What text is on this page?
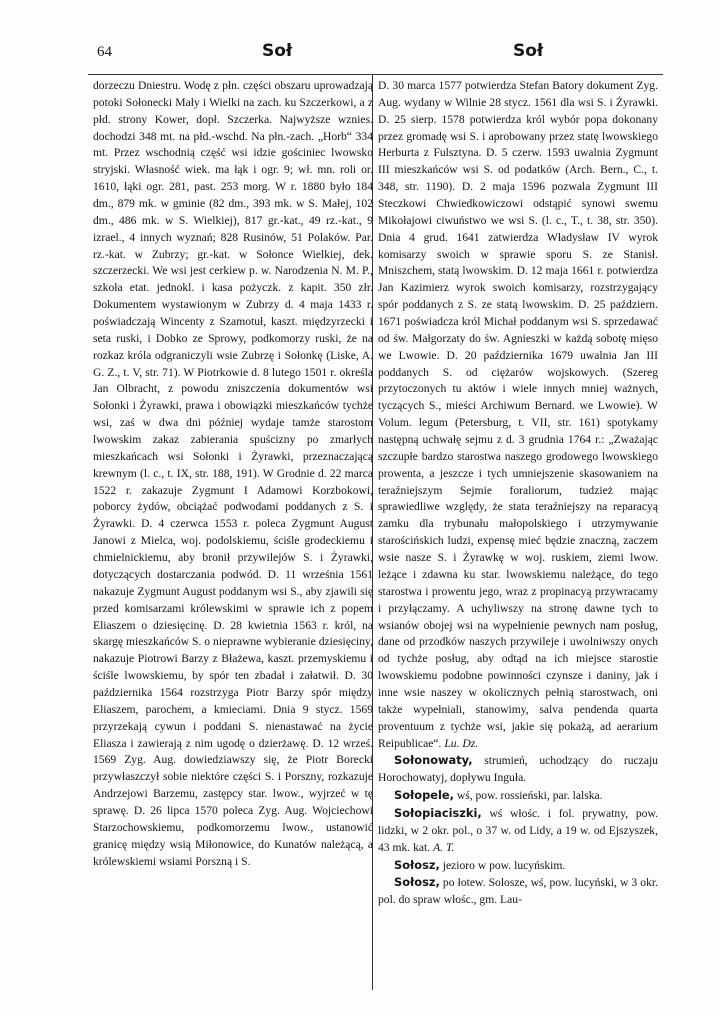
64	Soł	Soł

dorzeczu Dniestru. Wodę z płn. części obszaru uprowadzają potoki Sołonecki Mały i Wielki na zach. ku Szczerkowi, a z płd. strony Kower, dopł. Szczerka. Najwyższe wznies. dochodzi 348 mt. na płd.-wschd. Na płn.-zach. „Horb“ 334 mt. Przez wschodnią część wsi idzie gościniec lwowsko stryjski. Własność wiek. ma łąk i ogr. 9; wł. mn. roli or. 1610, łąki ogr. 281, past. 253 morg. W r. 1880 było 184 dm., 879 mk. w gminie (82 dm., 393 mk. w S. Małej, 102 dm., 486 mk. w S. Wielkiej), 817 gr.-kat., 49 rz.-kat., 9 izrael., 4 innych wyznań; 828 Rusinów, 51 Polaków. Par. rz.-kat. w Zubrzy; gr.-kat. w Sołonce Wielkiej, dek. szczerzecki. We wsi jest cerkiew p. w. Narodzenia N. M. P., szkoła etat. jednokl. i kasa pożyczk. z kapit. 350 złr. Dokumentem wystawionym w Zubrzy d. 4 maja 1433 r. poświadczają Wincenty z Szamotuł, kaszt. międzyrzecki i seta ruski, i Dobko ze Sprowy, podkomorzy ruski, że na rozkaz króla odgraniczyli wsie Zubrzę i Sołonkę (Liske, A. G. Z., t. V, str. 71). W Piotrkowie d. 8 lutego 1501 r. określa Jan Olbracht, z powodu zniszczenia dokumentów wsi Sołonki i Żyrawki, prawa i obowiązki mieszkańców tychże wsi, zaś w dwa dni później wydaje tamże starostom lwowskim zakaz zabierania spuścizny po zmarłych mieszkańcach wsi Sołonki i Żyrawki, przeznaczającą krewnym (l. c., t. IX, str. 188, 191). W Grodnie d. 22 marca 1522 r. zakazuje Zygmunt I Adamowi Korzbokowi, poborcy żydów, obciążać podwodami poddanych z S. i Żyrawki. D. 4 czerwca 1553 r. poleca Zygmunt August Janowi z Mielca, woj. podolskiemu, ściśle grodeckiemu i chmielnickiemu, aby bronił przywilejów S. i Żyrawki, dotyczących dostarczania podwód. D. 11 września 1561 nakazuje Zygmunt August poddanym wsi S., aby zjawili się przed komisarzami królewskimi w sprawie ich z popem Eliaszem o dziesięcinę. D. 28 kwietnia 1563 r. król, na skargę mieszkańców S. o nieprawne wybieranie dziesięciny, nakazuje Piotrowi Barzy z Błażewa, kaszt. przemyskiemu i ściśle lwowskiemu, by spór ten zbadał i załatwił. D. 30 października 1564 rozstrzyga Piotr Barzy spór między Eliaszem, parochem, a kmieciami. Dnia 9 stycz. 1569 przyrzekają cywun i poddani S. nienastawać na życie Eliasza i zawierają z nim ugodę o dzierżawę. D. 12 wrześ. 1569 Zyg. Aug. dowiedziawszy się, że Piotr Borecki przywłaszczył sobie niektóre części S. i Porszny, rozkazuje Andrzejowi Barzemu, zastępcy star. lwow., wyjrzeć w tę sprawę. D. 26 lipca 1570 poleca Zyg. Aug. Wojciechowi Starzochowskiemu, podkomorzemu lwow., ustanowić granicę między wsią Miłonowice, do Kunatów należącą, a królewskiemi wsiami Porszną i S.

D. 30 marca 1577 potwierdza Stefan Batory dokument Zyg. Aug. wydany w Wilnie 28 stycz. 1561 dla wsi S. i Żyrawki. D. 25 sierp. 1578 potwierdza król wybór popa dokonany przez gromadę wsi S. i aprobowany przez statę lwowskiego Herburta z Fulsztyna. D. 5 czerw. 1593 uwalnia Zygmunt III mieszkańców wsi S. od podatków (Arch. Bern., C., t. 348, str. 1190). D. 2 maja 1596 pozwala Zygmunt III Steczkowi Chwiedkowiczowi odstąpić synowi swemu Mikołajowi ciwuństwo we wsi S. (l. c., T., t. 38, str. 350). Dnia 4 grud. 1641 zatwierdza Władysław IV wyrok komisarzy swoich w sprawie sporu S. ze Stanisł. Mniszchem, statą lwowskim. D. 12 maja 1661 r. potwierdza Jan Kazimierz wyrok swoich komisarzy, rozstrzygający spór poddanych z S. ze statą lwowskim. D. 25 październ. 1671 poświadcza król Michał poddanym wsi S. sprzedawać od św. Małgorzaty do św. Agnieszki w każdą sobotę mięso we Lwowie. D. 20 października 1679 uwalnia Jan III poddanych S. od ciężarów wojskowych. (Szereg przytoczonych tu aktów i wiele innych mniej ważnych, tyczących S., mieści Archiwum Bernard. we Lwowie). W Volum. legum (Petersburg, t. VII, str. 161) spotykamy następną uchwałę sejmu z d. 3 grudnia 1764 r.: „Zważając szczupłe bardzo starostwa naszego grodowego lwowskiego prowenta, a jeszcze i tych umniejszenie skasowaniem na teraźniejszym Sejmie foraliorum, tudzież mając sprawiedliwe względy, że stata teraźniejszy na reparacyą zamku dla trybunału małopolskiego i utrzymywanie starościńskich ludzi, expensę mieć będzie znaczną, zaczem wsie nasze S. i Żyrawkę w woj. ruskiem, ziemi lwow. leżące i zdawna ku star. lwowskiemu należące, do tego starostwa i prowentu jego, wraz z propinacyą przywracamy i przyłączamy. A uchyliwszy na stronę dawne tych to wsianów obojej wsi na wypełnienie pewnych nam posług, dane od przodków naszych przywileje i uwolniwszy onych od tychże posług, aby odtąd na ich miejsce starostie lwowskiemu podobne powinności czynsze i daniny, jak i inne wsie naszey w okolicznych pełnią starostwach, oni także wypełniali, stanowimy, salva pendenda quarta proventuum z tychże wsi, jakie się pokażą, ad aerarium Reipublicae“. Lu. Dz.

Sołonowaty, strumień, uchodzący do ruczaju Horochowatyj, dopływu Inguła.

Sołopele, wś, pow. rossieński, par. lalska.

Sołopiaciszki, wś włośc. i fol. prywatny, pow. lidzki, w 2 okr. pol., o 37 w. od Lidy, a 19 w. od Ejszyszek, 43 mk. kat. A. T.

Sołosz, jezioro w pow. lucyńskim.

Sołosz, po łotew. Solosze, wś, pow. lucyński, w 3 okr. pol. do spraw włośc., gm. Lau-
